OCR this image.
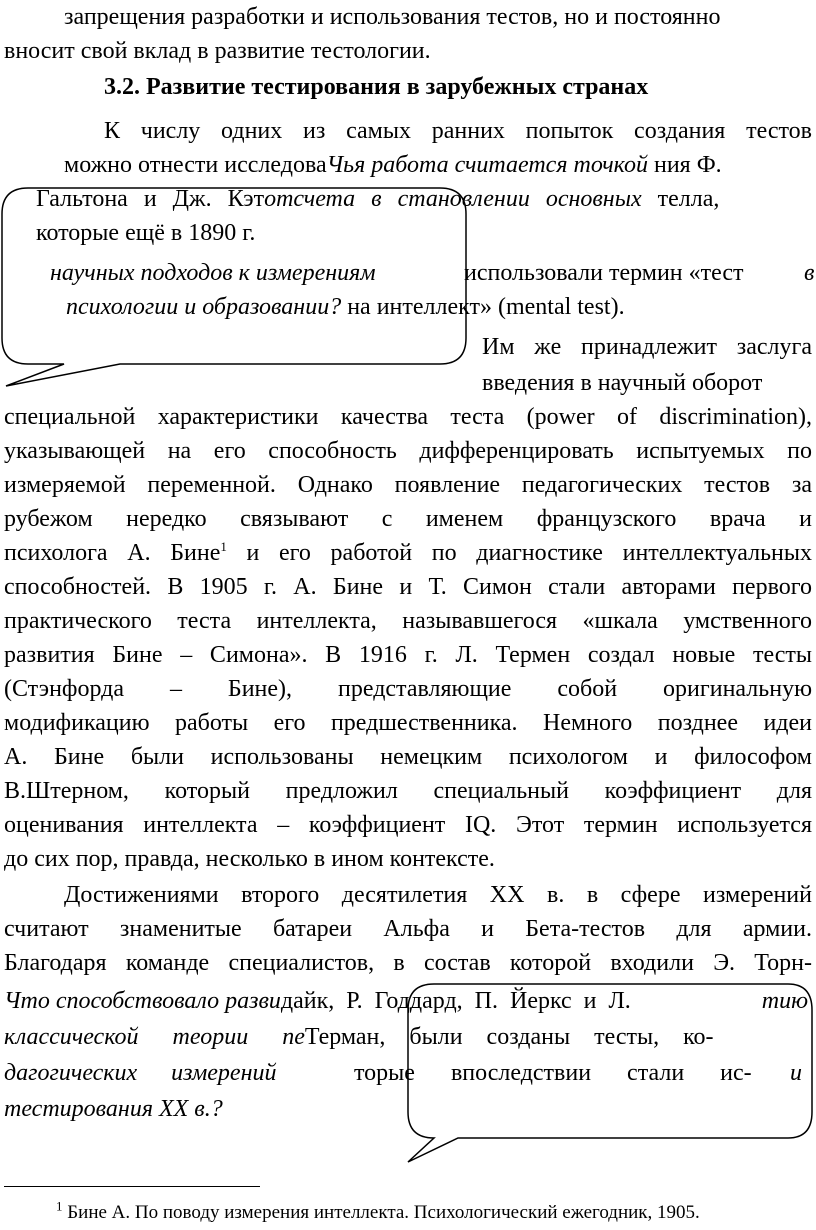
запрещения разработки и использования тестов, но и постоянно
вносит свой вклад в развитие тестологии.
3.2. Развитие тестирования в зарубежных странах
К числу одних из самых ранних попыток создания тестов
можно отнести исследоваЧья работа считается точкой ния Ф.
Гальтона и Дж. Кэтотсчета в становлении основных телла,
которые ещё в 1890 г.
научных подходов к измерениям	использовали термин «тест	в
психологии и образовании? на интеллект» (mental test).
Им же принадлежит заслуга
введения в научный оборот
специальной характеристики качества теста (power of discrimination),
указывающей на его способность дифференцировать испытуемых по
измеряемой переменной. Однако появление педагогических тестов за
рубежом нередко связывают с именем французского врача и
психолога А. Бине$^1$ и его работой по диагностике интеллектуальных
способностей. В 1905 г. А. Бине и Т. Симон стали авторами первого
практического теста интеллекта, называвшегося «шкала умственного
развития Бине – Симона». В 1916 г. Л. Термен создал новые тесты
(Стэнфорда – Бине), представляющие собой оригинальную
модификацию работы его предшественника. Немного позднее идеи
А. Бине были использованы немецким психологом и философом
В.Штерном, который предложил специальный коэффициент для
оценивания интеллекта – коэффициент IQ. Этот термин используется
до сих пор, правда, несколько в ином контексте.
Достижениями второго десятилетия XX в. в сфере измерений
считают знаменитые батареи Альфа и Бета-тестов для армии.
Благодаря команде специалистов, в состав которой входили Э. Торн-
Что способствовало развидайк, Р. Годдард, П. Йеркс и Л.	тию
классической теории пеТерман, были созданы тесты, ко-
дагогических измерений	торые впоследствии стали ис- и
тестирования XX в.?
$^1$ Бине А. По поводу измерения интеллекта. Психологический ежегодник, 1905.
